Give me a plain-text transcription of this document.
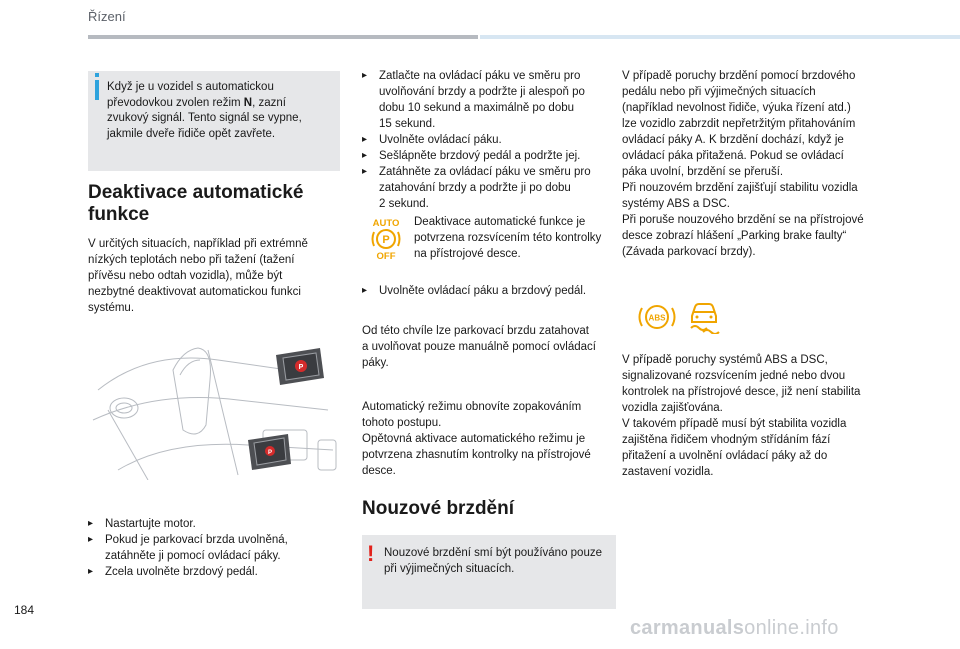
Řízení
Když je u vozidel s automatickou
převodovkou zvolen režim N, zazní
zvukový signál. Tento signál se vypne,
jakmile dveře řidiče opět zavřete.

Deaktivace automatické
funkce

V určitých situacích, například při extrémně
nízkých teplotách nebo při tažení (tažení
přívěsu nebo odtah vozidla), může být
nezbytné deaktivovat automatickou funkci
systému.

P
P
▸ Nastartujte motor.
▸ Pokud je parkovací brzda uvolněná,
zatáhněte ji pomocí ovládací páky.
▸ Zcela uvolněte brzdový pedál.
▸ Zatlačte na ovládací páku ve směru pro
uvolňování brzdy a podržte ji alespoň po
dobu 10 sekund a maximálně po dobu
15 sekund.
▸ Uvolněte ovládací páku.
▸ Sešlápněte brzdový pedál a podržte jej.
▸ Zatáhněte za ovládací páku ve směru pro
zatahování brzdy a podržte ji po dobu
2 sekund.
AUTO
P
OFF

Deaktivace automatické funkce je
potvrzena rozsvícením této kontrolky
na přístrojové desce.

▸ Uvolněte ovládací páku a brzdový pedál.

Od této chvíle lze parkovací brzdu zatahovat
a uvolňovat pouze manuálně pomocí ovládací
páky.

Automatický režimu obnovíte zopakováním
tohoto postupu.
Opětovná aktivace automatického režimu je
potvrzena zhasnutím kontrolky na přístrojové
desce.

Nouzové brzdění
! Nouzové brzdění smí být používáno pouze
při výjimečných situacích.

V případě poruchy brzdění pomocí brzdového
pedálu nebo při výjimečných situacích
(například nevolnost řidiče, výuka řízení atd.)
lze vozidlo zabrzdit nepřetržitým přitahováním
ovládací páky A. K brzdění dochází, když je
ovládací páka přitažená. Pokud se ovládací
páka uvolní, brzdění se přeruší.
Při nouzovém brzdění zajišťují stabilitu vozidla
systémy ABS a DSC.
Při poruše nouzového brzdění se na přístrojové
desce zobrazí hlášení „Parking brake faulty“
(Závada parkovací brzdy).

ABS

V případě poruchy systémů ABS a DSC,
signalizované rozsvícením jedné nebo dvou
kontrolek na přístrojové desce, již není stabilita
vozidla zajišťována.
V takovém případě musí být stabilita vozidla
zajištěna řidičem vhodným střídáním fází
přitažení a uvolnění ovládací páky až do
zastavení vozidla.

184
carmanualsonline.info
